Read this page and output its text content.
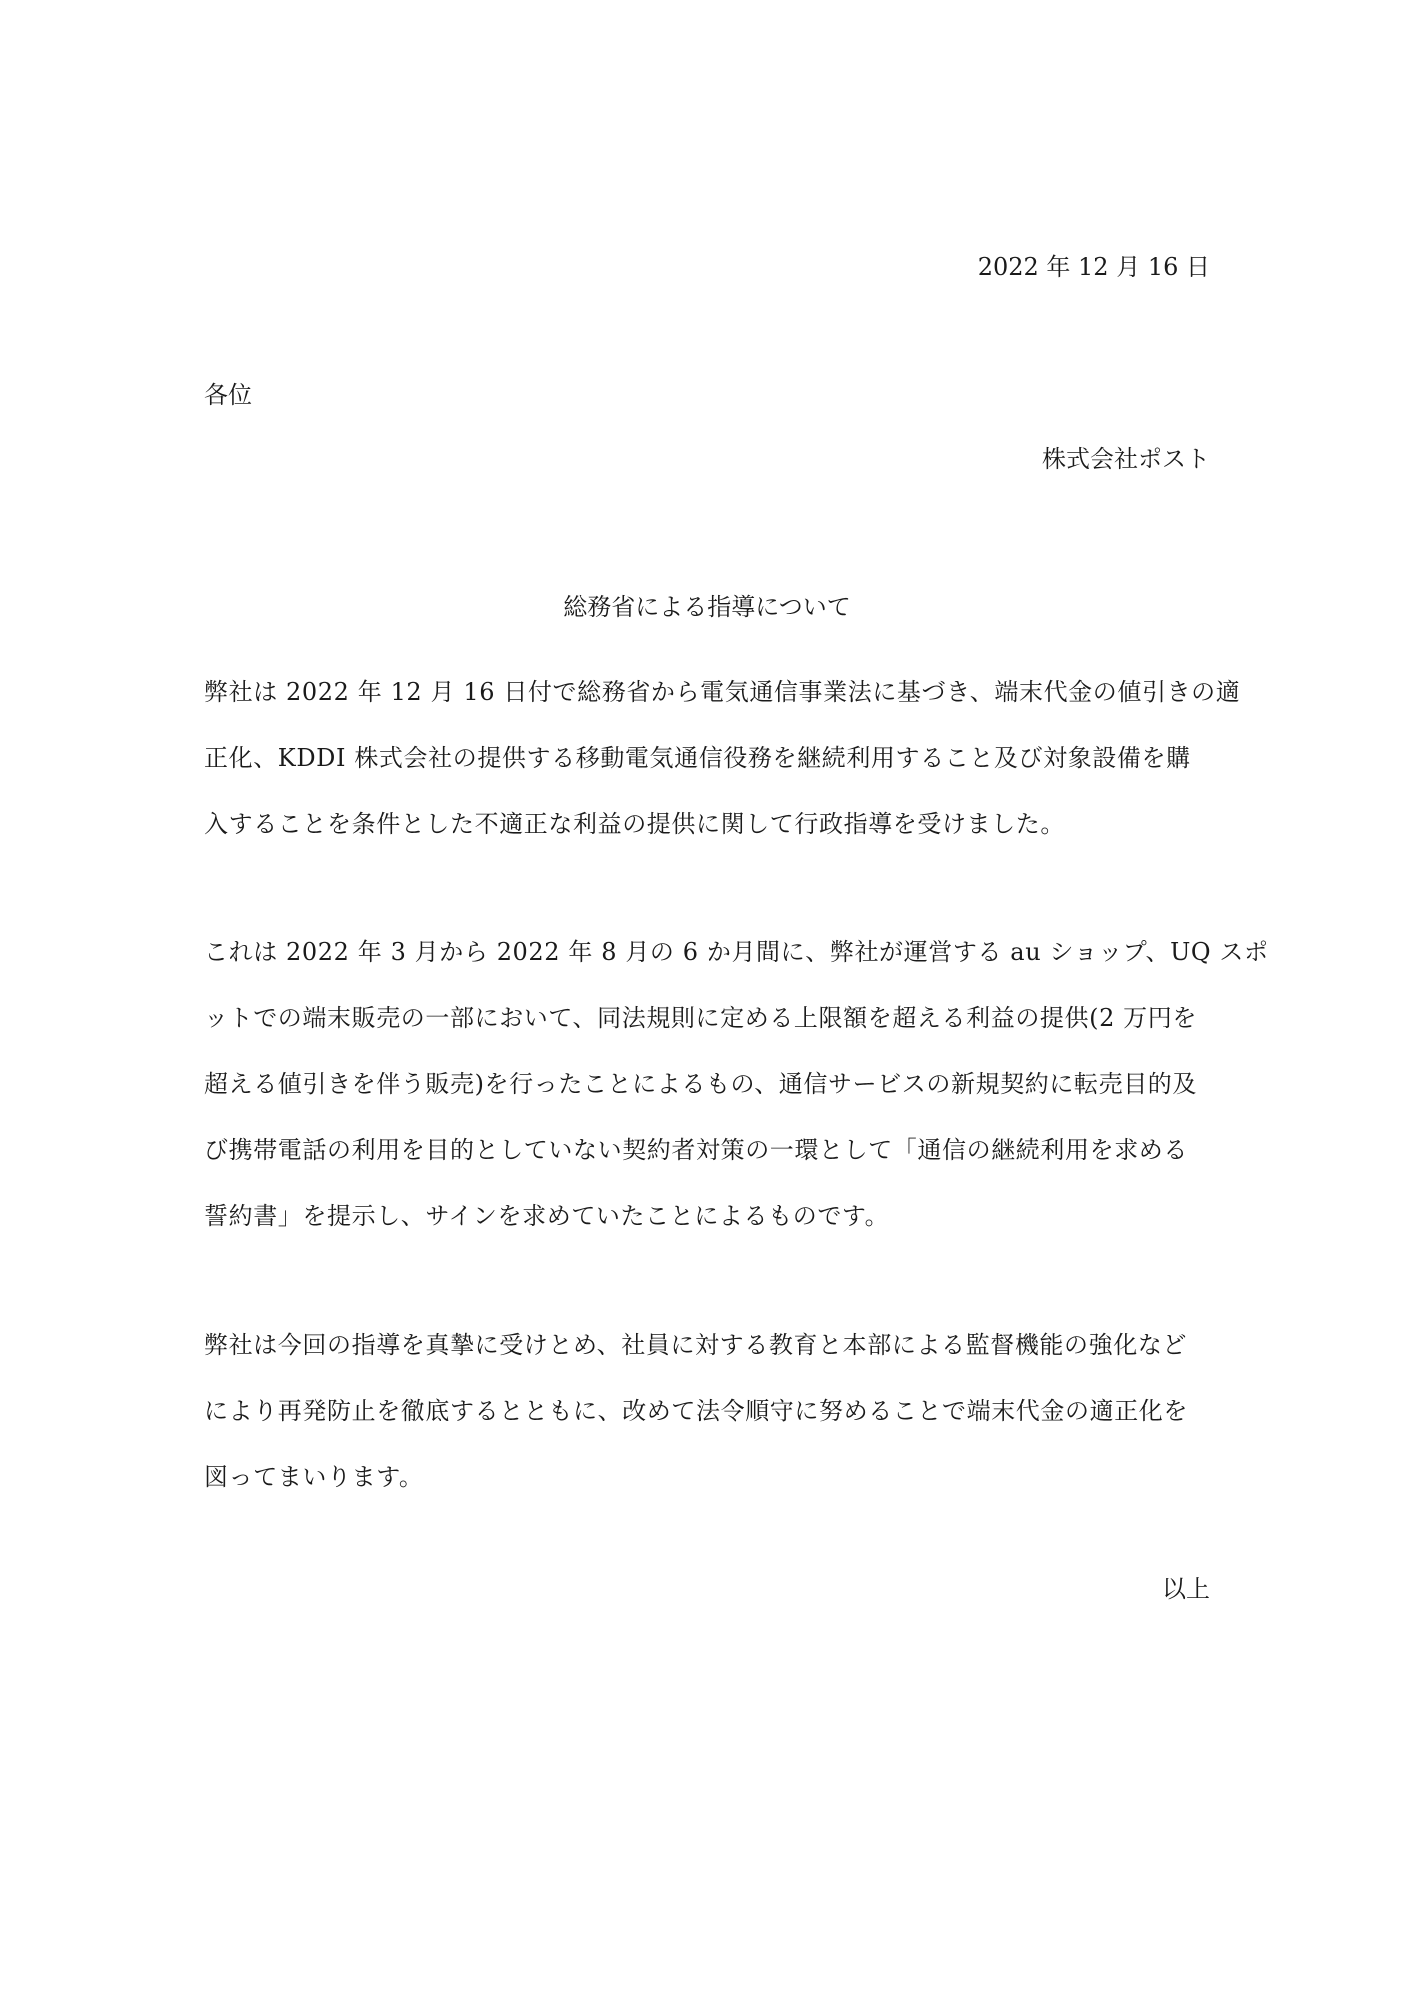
2022 年 12 月 16 日
各位
株式会社ポスト
総務省による指導について

弊社は 2022 年 12 月 16 日付で総務省から電気通信事業法に基づき、端末代金の値引きの適
正化、KDDI 株式会社の提供する移動電気通信役務を継続利用すること及び対象設備を購
入することを条件とした不適正な利益の提供に関して行政指導を受けました。

これは 2022 年 3 月から 2022 年 8 月の 6 か月間に、弊社が運営する au ショップ、UQ スポ
ットでの端末販売の一部において、同法規則に定める上限額を超える利益の提供(2 万円を
超える値引きを伴う販売)を行ったことによるもの、通信サービスの新規契約に転売目的及
び携帯電話の利用を目的としていない契約者対策の一環として「通信の継続利用を求める
誓約書」を提示し、サインを求めていたことによるものです。

弊社は今回の指導を真摯に受けとめ、社員に対する教育と本部による監督機能の強化など
により再発防止を徹底するとともに、改めて法令順守に努めることで端末代金の適正化を
図ってまいります。

以上
